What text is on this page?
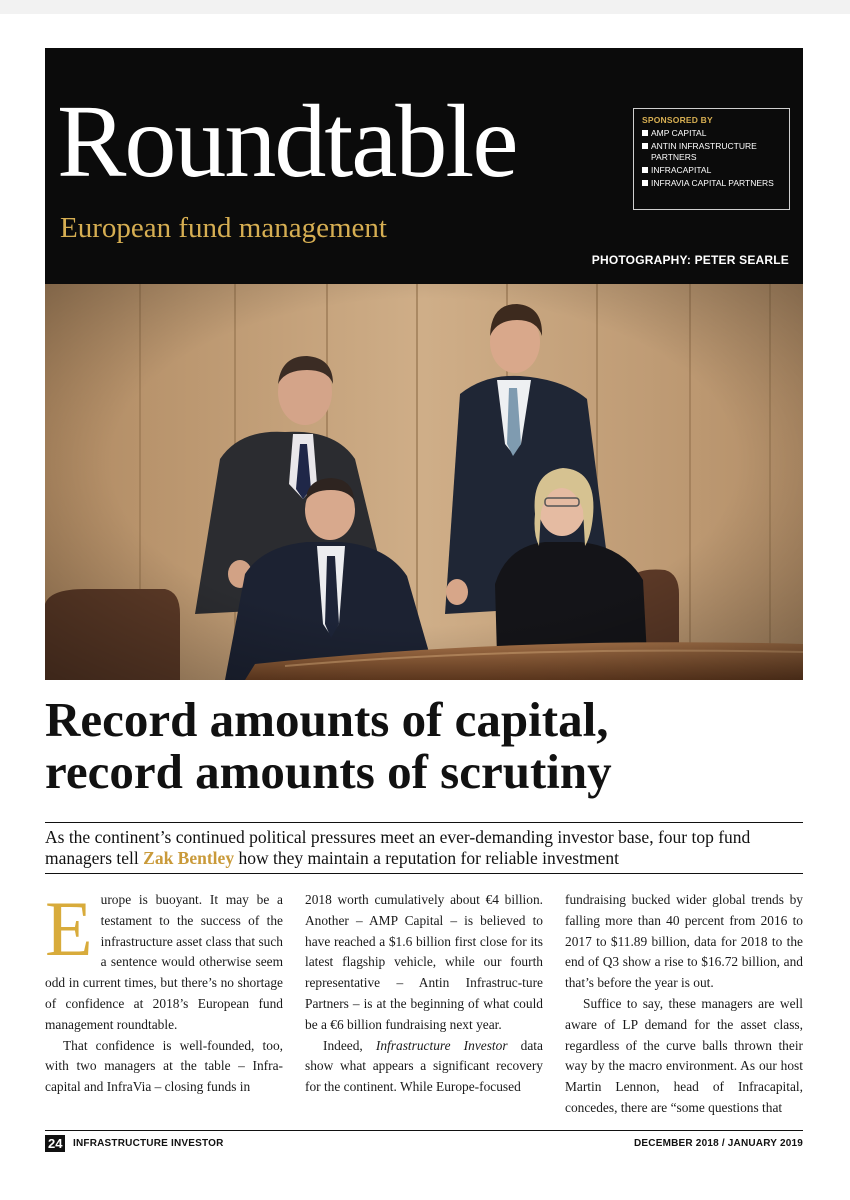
Roundtable
European fund management
SPONSORED BY
AMP CAPITAL
ANTIN INFRASTRUCTURE PARTNERS
INFRACAPITAL
INFRAVIA CAPITAL PARTNERS
PHOTOGRAPHY: PETER SEARLE
Record amounts of capital,
record amounts of scrutiny
As the continent’s continued political pressures meet an ever-demanding investor base, four top fund managers tell Zak Bentley how they maintain a reputation for reliable investment

Europe is buoyant. It may be a testament to the success of the infrastructure asset class that such a sentence would otherwise seem odd in current times, but there’s no shortage of confidence at 2018’s European fund management roundtable.

That confidence is well-founded, too, with two managers at the table – Infra-capital and InfraVia – closing funds in

2018 worth cumulatively about €4 billion. Another – AMP Capital – is believed to have reached a $1.6 billion first close for its latest flagship vehicle, while our fourth representative – Antin Infrastruc-ture Partners – is at the beginning of what could be a €6 billion fundraising next year.

Indeed, Infrastructure Investor data show what appears a significant recovery for the continent. While Europe-focused

fundraising bucked wider global trends by falling more than 40 percent from 2016 to 2017 to $11.89 billion, data for 2018 to the end of Q3 show a rise to $16.72 billion, and that’s before the year is out.

Suffice to say, these managers are well aware of LP demand for the asset class, regardless of the curve balls thrown their way by the macro environment. As our host Martin Lennon, head of Infracapital, concedes, there are “some questions that

24	INFRASTRUCTURE INVESTOR	DECEMBER 2018 / JANUARY 2019
